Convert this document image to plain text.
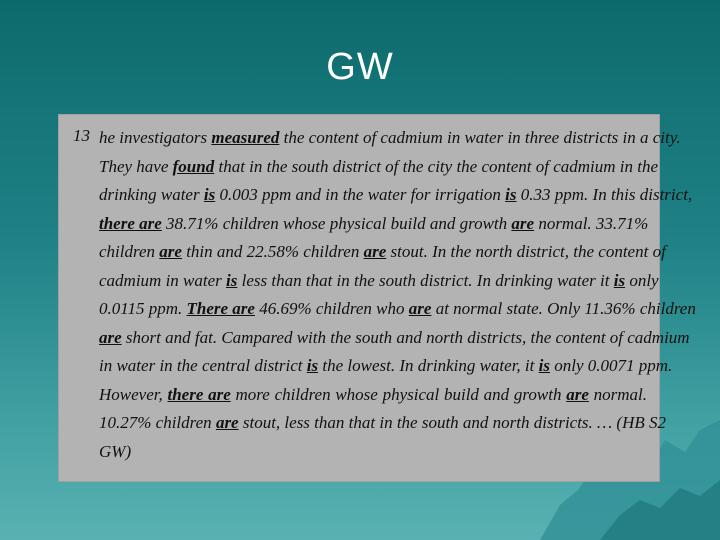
GW
13 he investigators measured the content of cadmium in water in three districts in a city.
They have found that in the south district of the city the content of cadmium in the
drinking water is 0.003 ppm and in the water for irrigation is 0.33 ppm. In this district,
there are 38.71% children whose physical build and growth are normal. 33.71%
children are thin and 22.58% children are stout. In the north district, the content of
cadmium in water is less than that in the south district. In drinking water it is only
0.0115 ppm. There are 46.69% children who are at normal state. Only 11.36% children
are short and fat. Campared with the south and north districts, the content of cadmium
in water in the central district is the lowest. In drinking water, it is only 0.0071 ppm.
However, there are more children whose physical build and growth are normal.
10.27% children are stout, less than that in the south and north districts. … (HB S2
GW)
